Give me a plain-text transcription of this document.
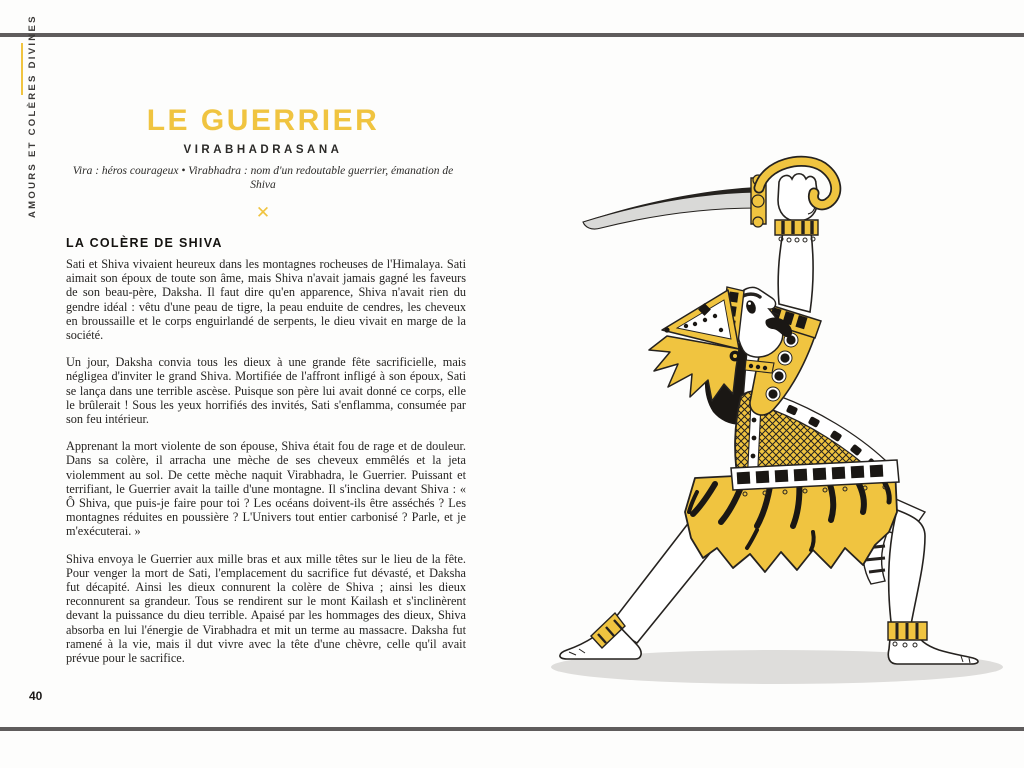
AMOURS ET COLÈRES DIVINES	LE GUERRIER
VIRABHADRASANA
Vira : héros courageux • Virabhadra : nom d'un redoutable guerrier, émanation de Shiva
✕
LA COLÈRE DE SHIVA

Sati et Shiva vivaient heureux dans les montagnes rocheuses de l'Himalaya. Sati aimait son époux de toute son âme, mais Shiva n'avait jamais gagné les faveurs de son beau-père, Daksha. Il faut dire qu'en apparence, Shiva n'avait rien du gendre idéal : vêtu d'une peau de tigre, la peau enduite de cendres, les cheveux en broussaille et le corps enguirlandé de serpents, le dieu vivait en marge de la société.

Un jour, Daksha convia tous les dieux à une grande fête sacrificielle, mais négligea d'inviter le grand Shiva. Mortifiée de l'affront infligé à son époux, Sati se lança dans une terrible ascèse. Puisque son père lui avait donné ce corps, elle le brûlerait ! Sous les yeux horrifiés des invités, Sati s'enflamma, consumée par son feu intérieur.

Apprenant la mort violente de son épouse, Shiva était fou de rage et de douleur. Dans sa colère, il arracha une mèche de ses cheveux emmêlés et la jeta violemment au sol. De cette mèche naquit Virabhadra, le Guerrier. Puissant et terrifiant, le Guerrier avait la taille d'une montagne. Il s'inclina devant Shiva : « Ô Shiva, que puis-je faire pour toi ? Les océans doivent-ils être asséchés ? Les montagnes réduites en poussière ? L'Univers tout entier carbonisé ? Parle, et je m'exécuterai. »

Shiva envoya le Guerrier aux mille bras et aux mille têtes sur le lieu de la fête. Pour venger la mort de Sati, l'emplacement du sacrifice fut dévasté, et Daksha fut décapité. Ainsi les dieux connurent la colère de Shiva ; ainsi les dieux reconnurent sa grandeur. Tous se rendirent sur le mont Kailash et s'inclinèrent devant la puissance du dieu terrible. Apaisé par les hommages des dieux, Shiva absorba en lui l'énergie de Virabhadra et mit un terme au massacre. Daksha fut ramené à la vie, mais il dut vivre avec la tête d'une chèvre, celle qu'il avait prévue pour le sacrifice.

40
